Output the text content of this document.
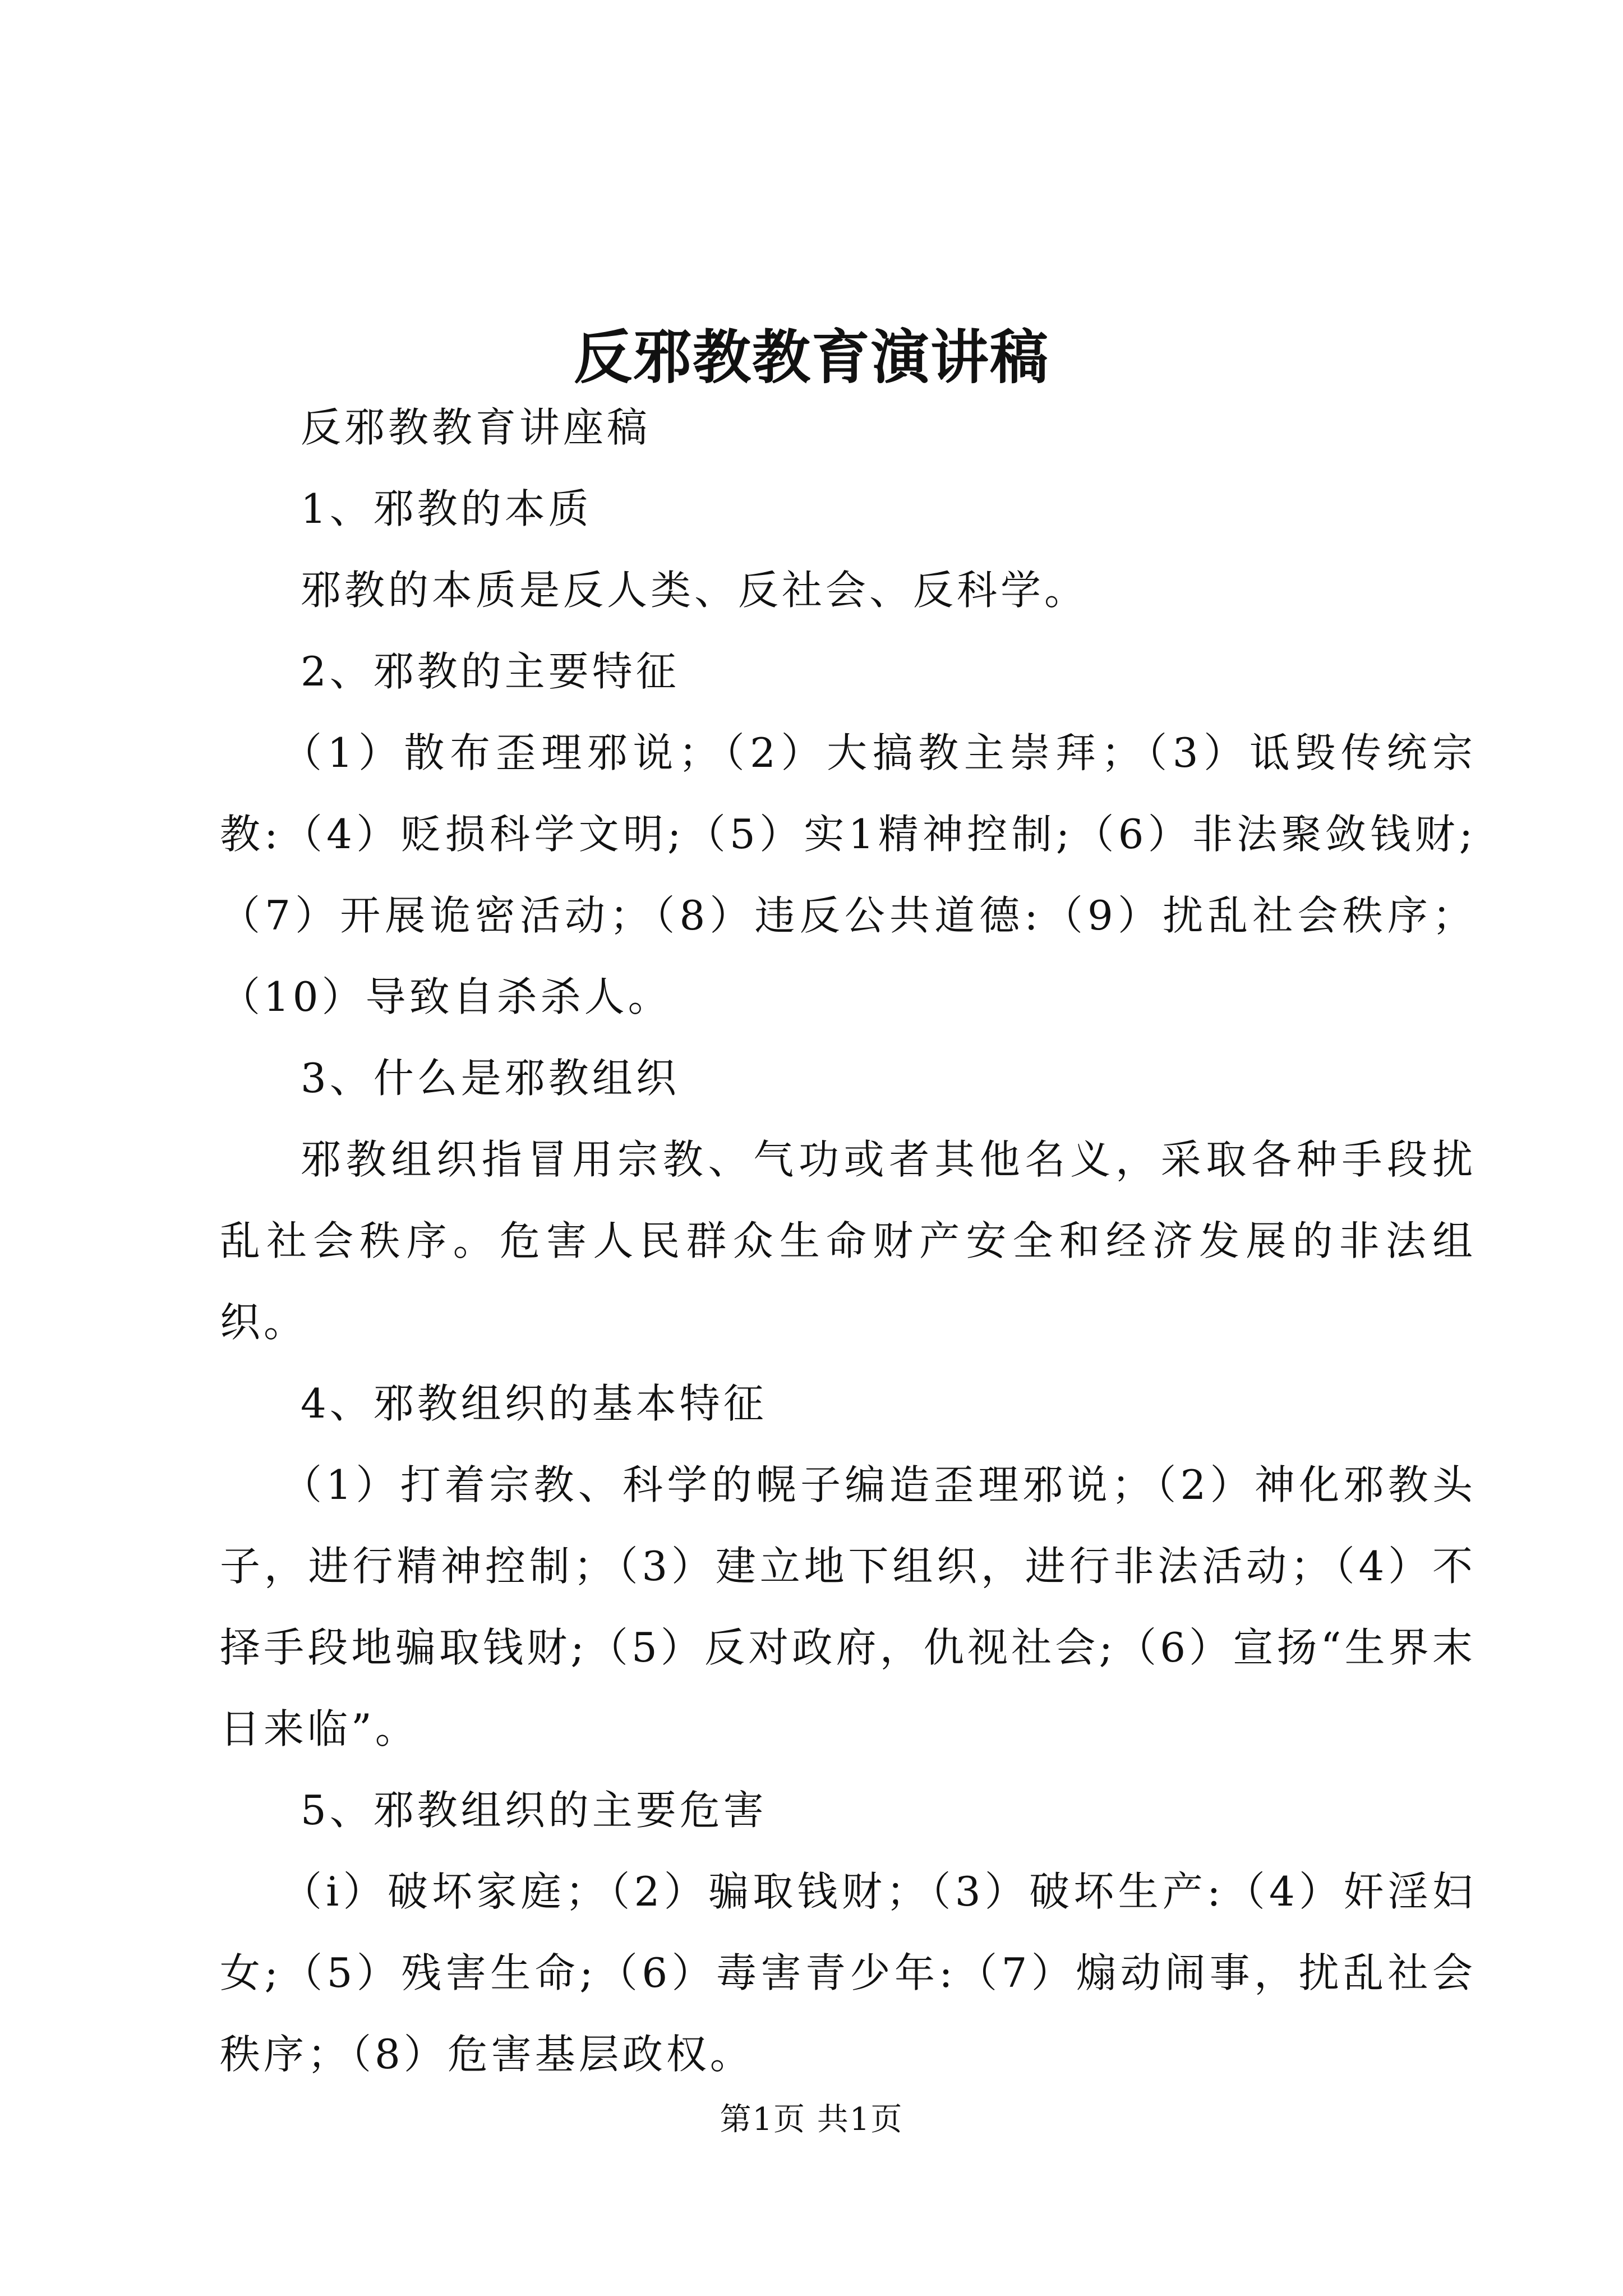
反邪教教育演讲稿

反邪教教育讲座稿

1、邪教的本质

邪教的本质是反人类、反社会、反科学。

2、邪教的主要特征

（1）散布歪理邪说；（2）大搞教主崇拜；（3）诋毁传统宗教:（4）贬损科学文明;（5）实1精神控制;（6）非法聚敛钱财;（7）开展诡密活动；（8）违反公共道德:（9）扰乱社会秩序；（10）导致自杀杀人。

3、什么是邪教组织

邪教组织指冒用宗教、气功或者其他名义，采取各种手段扰乱社会秩序。危害人民群众生命财产安全和经济发展的非法组织。

4、邪教组织的基本特征

（1）打着宗教、科学的幌子编造歪理邪说；（2）神化邪教头子，进行精神控制；（3）建立地下组织，进行非法活动；（4）不择手段地骗取钱财;（5）反对政府，仇视社会;（6）宣扬“生界末日来临”。

5、邪教组织的主要危害

（i）破坏家庭；（2）骗取钱财；（3）破坏生产:（4）奸淫妇女;（5）残害生命;（6）毒害青少年:（7）煽动闹事，扰乱社会秩序；（8）危害基层政权。

第1页 共1页
